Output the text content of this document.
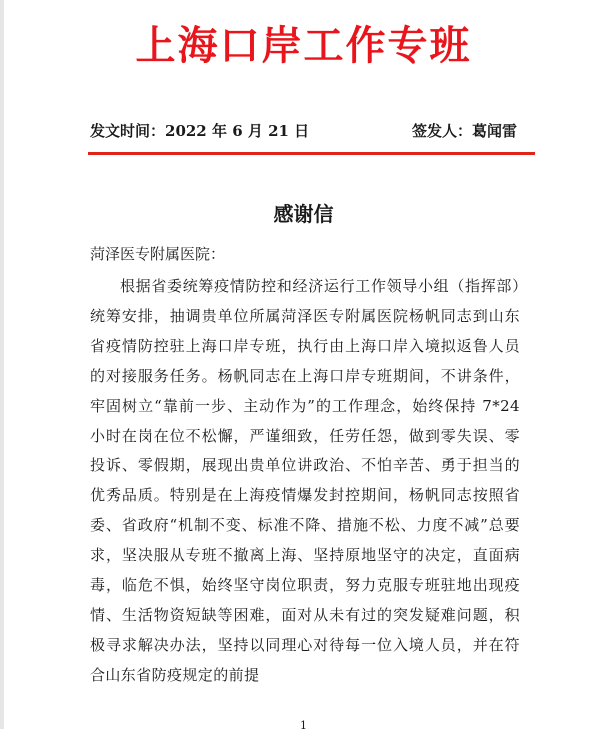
上海口岸工作专班
发文时间：2022 年 6 月 21 日	签发人：葛闻雷
感谢信
菏泽医专附属医院：
根据省委统筹疫情防控和经济运行工作领导小组（指挥部）统筹安排，抽调贵单位所属菏泽医专附属医院杨帆同志到山东省疫情防控驻上海口岸专班，执行由上海口岸入境拟返鲁人员的对接服务任务。杨帆同志在上海口岸专班期间，不讲条件，牢固树立“靠前一步、主动作为”的工作理念，始终保持 7*24 小时在岗在位不松懈，严谨细致，任劳任怨，做到零失误、零投诉、零假期，展现出贵单位讲政治、不怕辛苦、勇于担当的优秀品质。特别是在上海疫情爆发封控期间，杨帆同志按照省委、省政府“机制不变、标准不降、措施不松、力度不减”总要求，坚决服从专班不撤离上海、坚持原地坚守的决定，直面病毒，临危不惧，始终坚守岗位职责，努力克服专班驻地出现疫情、生活物资短缺等困难，面对从未有过的突发疑难问题，积极寻求解决办法，坚持以同理心对待每一位入境人员，并在符合山东省防疫规定的前提
1
